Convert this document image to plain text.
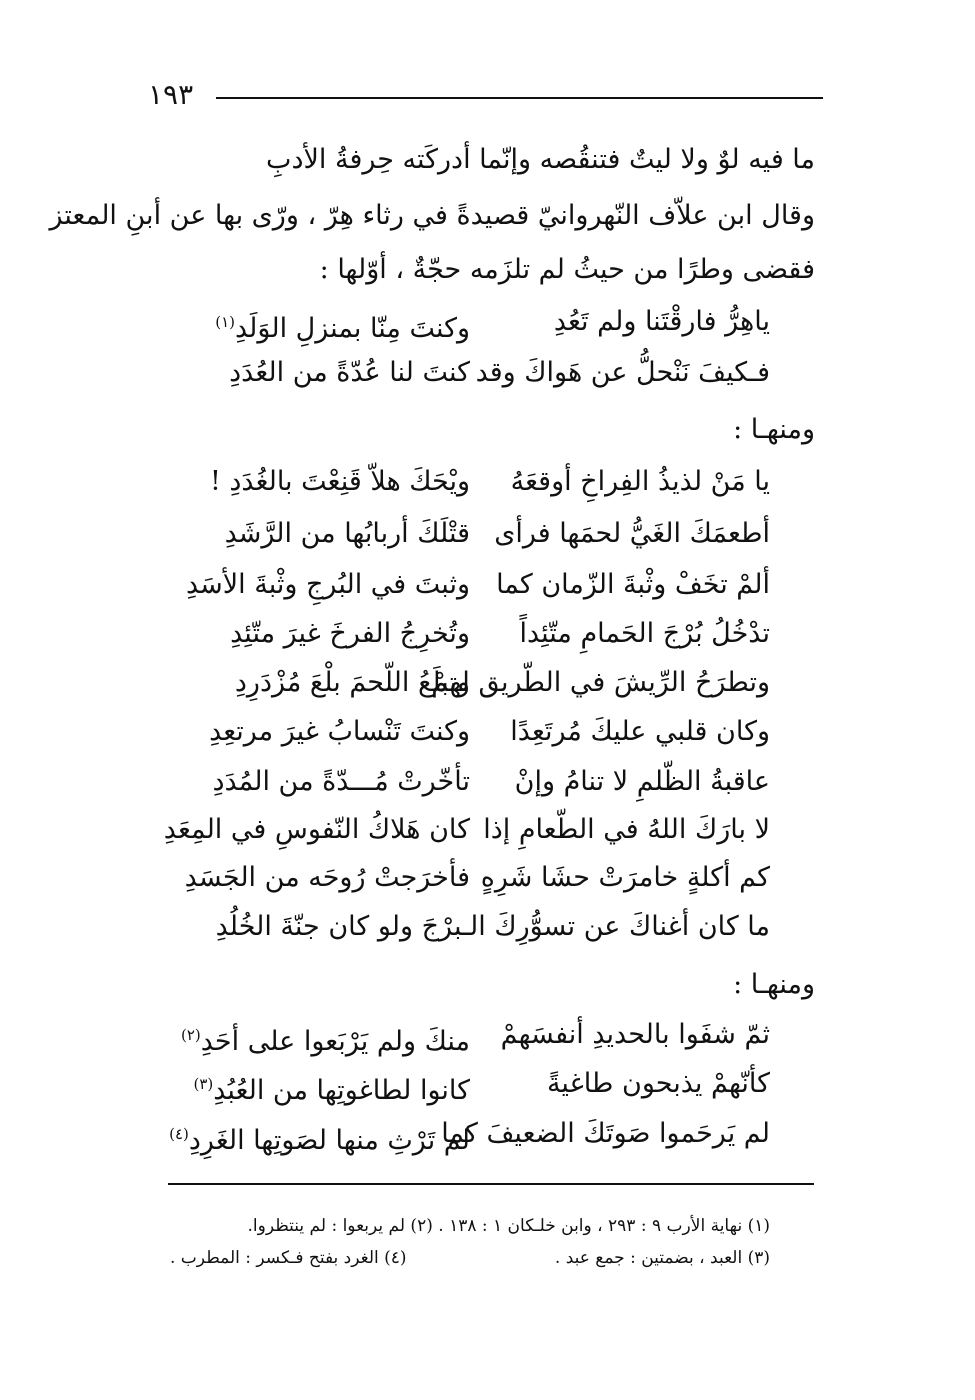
١٩٣
ما فيه لوٌ ولا ليتٌ فتنقُصه وإنّما أدركَته حِرفةُ الأدبِ
وقال ابن علاّف النّهروانيّ قصيدةً في رثاء هِرّ ، ورّى بها عن أبنِ المعتز
فقضى وطرًا من حيثُ لم تلزَمه حجّةٌ ، أوّلها :
ياهِرُّ فارقْتَنا ولم تَعُدِ
وكنتَ مِنّا بمنزلِ الوَلَدِ$^{(١)}$
فـكيفَ نَنْحلُّ عن هَواكَ وقد
كنتَ لنا عُدّةً من العُدَدِ
ومنهـا :
يا مَنْ لذيذُ الفِراخِ أوقعَهُ
ويْحَكَ هلاّ قَنِعْتَ بالغُدَدِ !
أطعمَكَ الغَيُّ لحمَها فرأى
قتْلَكَ أربابُها من الرَّشَدِ
ألمْ تخَفْ وثْبةَ الزّمان كما
وثبتَ في البُرجِ وثْبةَ الأسَدِ
تدْخُلُ بُرْجَ الحَمامِ متّئِداً
وتُخرِجُ الفرخَ غيرَ متّئِدِ
وتطرَحُ الرِّيشَ في الطّريق لهمْ
وتبلَعُ اللّحمَ بلْعَ مُزْدَرِدِ
وكان قلبي عليكَ مُرتَعِدًا
وكنتَ تَنْسابُ غيرَ مرتعِدِ
عاقبةُ الظّلمِ لا تنامُ وإنْ
تأخّرتْ مُـــدّةً من المُدَدِ
لا بارَكَ اللهُ في الطّعامِ إذا
كان هَلاكُ النّفوسِ في المِعَدِ
كم أكلةٍ خامرَتْ حشَا شَرِهٍ
فأخرَجتْ رُوحَه من الجَسَدِ
ما كان أغناكَ عن تسوُّرِكَ الـ
ـبرْجَ ولو كان جنّةَ الخُلُدِ
ومنهـا :
ثمّ شفَوا بالحديدِ أنفسَهمْ
منكَ ولم يَرْبَعوا على أحَدِ$^{(٢)}$
كأنّهمْ يذبحون طاغيةً
كانوا لطاغوتِها من العُبُدِ$^{(٣)}$
لم يَرحَموا صَوتَكَ الضعيفَ كما
لم تَرْثِ منها لصَوتِها الغَرِدِ$^{(٤)}$
(١) نهاية الأرب ٩ : ٢٩٣ ، وابن خلـكان ١ : ١٣٨ . (٢) لم يربعوا : لم ينتظروا.
(٣) العبد ، بضمتين : جمع عبد .
(٤) الغرد بفتح فـكسر : المطرب .
